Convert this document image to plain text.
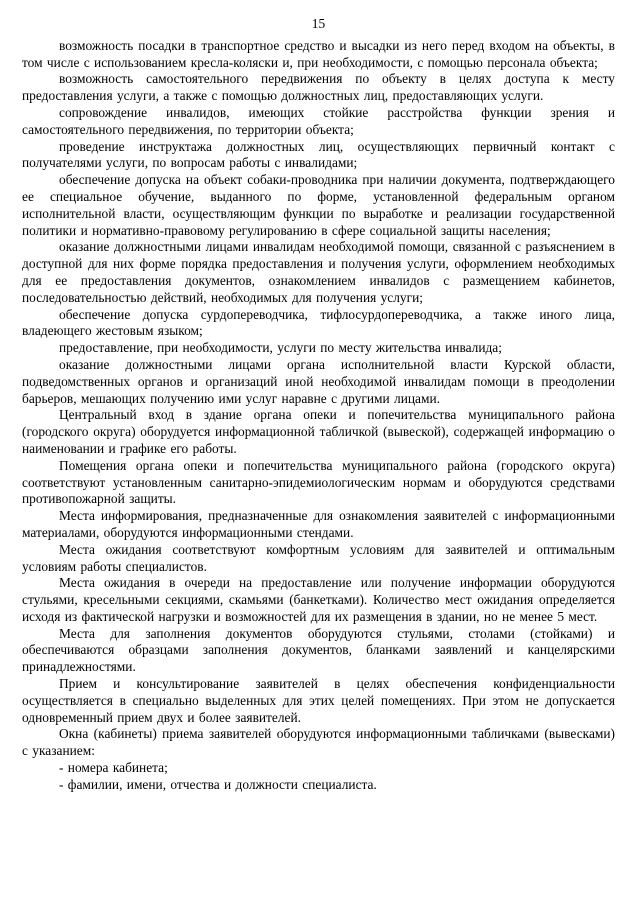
15

возможность посадки в транспортное средство и высадки из него перед входом на объекты, в том числе с использованием кресла-коляски и, при необходимости, с помощью персонала объекта;

возможность самостоятельного передвижения по объекту в целях доступа к месту предоставления услуги, а также с помощью должностных лиц, предоставляющих услуги.

сопровождение инвалидов, имеющих стойкие расстройства функции зрения и самостоятельного передвижения, по территории объекта;

проведение инструктажа должностных лиц, осуществляющих первичный контакт с получателями услуги, по вопросам работы с инвалидами;

обеспечение допуска на объект собаки-проводника при наличии документа, подтверждающего ее специальное обучение, выданного по форме, установленной федеральным органом исполнительной власти, осуществляющим функции по выработке и реализации государственной политики и нормативно-правовому регулированию в сфере социальной защиты населения;

оказание должностными лицами инвалидам необходимой помощи, связанной с разъяснением в доступной для них форме порядка предоставления и получения услуги, оформлением необходимых для ее предоставления документов, ознакомлением инвалидов с размещением кабинетов, последовательностью действий, необходимых для получения услуги;

обеспечение допуска сурдопереводчика, тифлосурдопереводчика, а также иного лица, владеющего жестовым языком;

предоставление, при необходимости, услуги по месту жительства инвалида;

оказание должностными лицами органа исполнительной власти Курской области, подведомственных органов и организаций иной необходимой инвалидам помощи в преодолении барьеров, мешающих получению ими услуг наравне с другими лицами.

Центральный вход в здание органа опеки и попечительства муниципального района (городского округа) оборудуется информационной табличкой (вывеской), содержащей информацию о наименовании и графике его работы.

Помещения органа опеки и попечительства муниципального района (городского округа) соответствуют установленным санитарно-эпидемиологическим нормам и оборудуются средствами противопожарной защиты.

Места информирования, предназначенные для ознакомления заявителей с информационными материалами, оборудуются информационными стендами.

Места ожидания соответствуют комфортным условиям для заявителей и оптимальным условиям работы специалистов.

Места ожидания в очереди на предоставление или получение информации оборудуются стульями, кресельными секциями, скамьями (банкетками). Количество мест ожидания определяется исходя из фактической нагрузки и возможностей для их размещения в здании, но не менее 5 мест.

Места для заполнения документов оборудуются стульями, столами (стойками) и обеспечиваются образцами заполнения документов, бланками заявлений и канцелярскими принадлежностями.

Прием и консультирование заявителей в целях обеспечения конфиденциальности осуществляется в специально выделенных для этих целей помещениях. При этом не допускается одновременный прием двух и более заявителей.

Окна (кабинеты) приема заявителей оборудуются информационными табличками (вывесками) с указанием:

- номера кабинета;

- фамилии, имени, отчества и должности специалиста.
